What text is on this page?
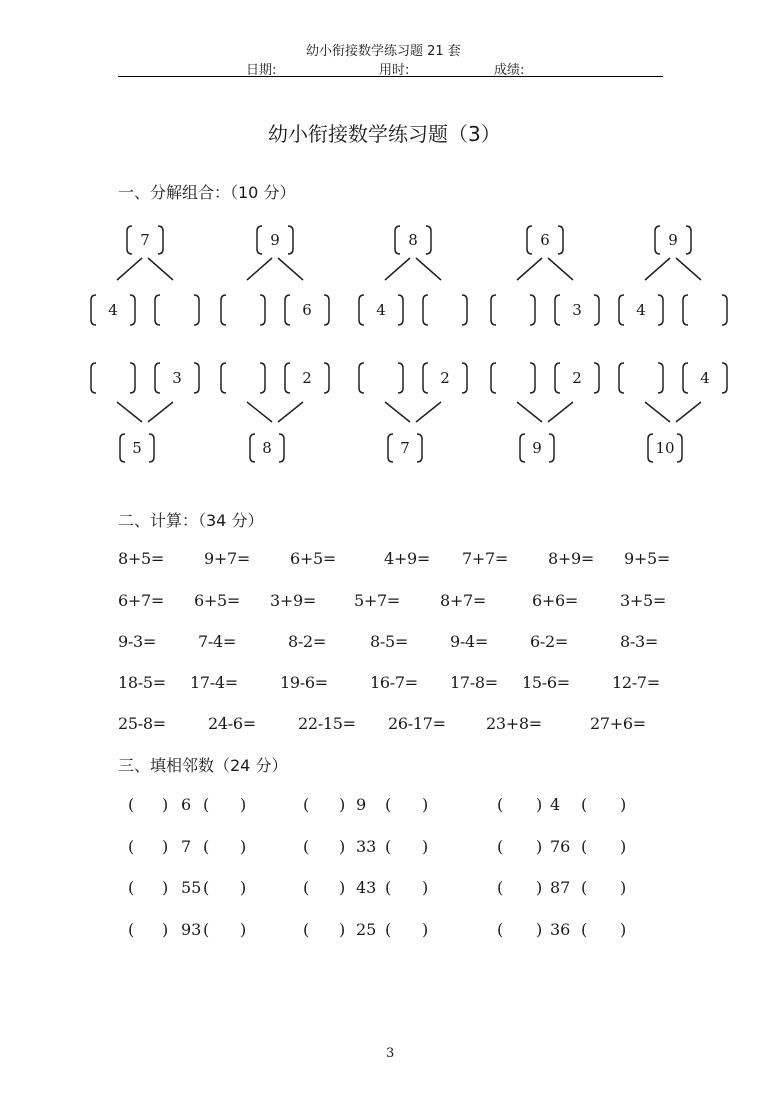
幼小衔接数学练习题 21 套
日期:	用时:	成绩:
幼小衔接数学练习题（3）
一、分解组合：（10 分）
7
4
9
6
8
4
6
3
9
4
3
5
2
8
2
7
2
9
4
10
二、计算：（34 分）
8+5=	9+7=	6+5=	4+9= 7+7=	8+9= 9+5=
6+7= 6+5= 3+9= 5+7=	8+7=	6+6=	3+5=
9-3=	7-4=	8-2=	8-5=	9-4=	6-2=	8-3=
18-5= 17-4=	19-6=	16-7= 17-8= 15-6=	12-7=
25-8=	24-6=	22-15= 26-17=	23+8=	27+6=
三、填相邻数（24 分）
( ) 6 ( )	( ) 9 ( )	( ) 4 ( )
( ) 7 ( )	( ) 33 ( )	( ) 76 ( )
( ) 55 ( )	( ) 43 ( )	( ) 87 ( )
( ) 93 ( )	( ) 25 ( )	( ) 36 ( )
3
